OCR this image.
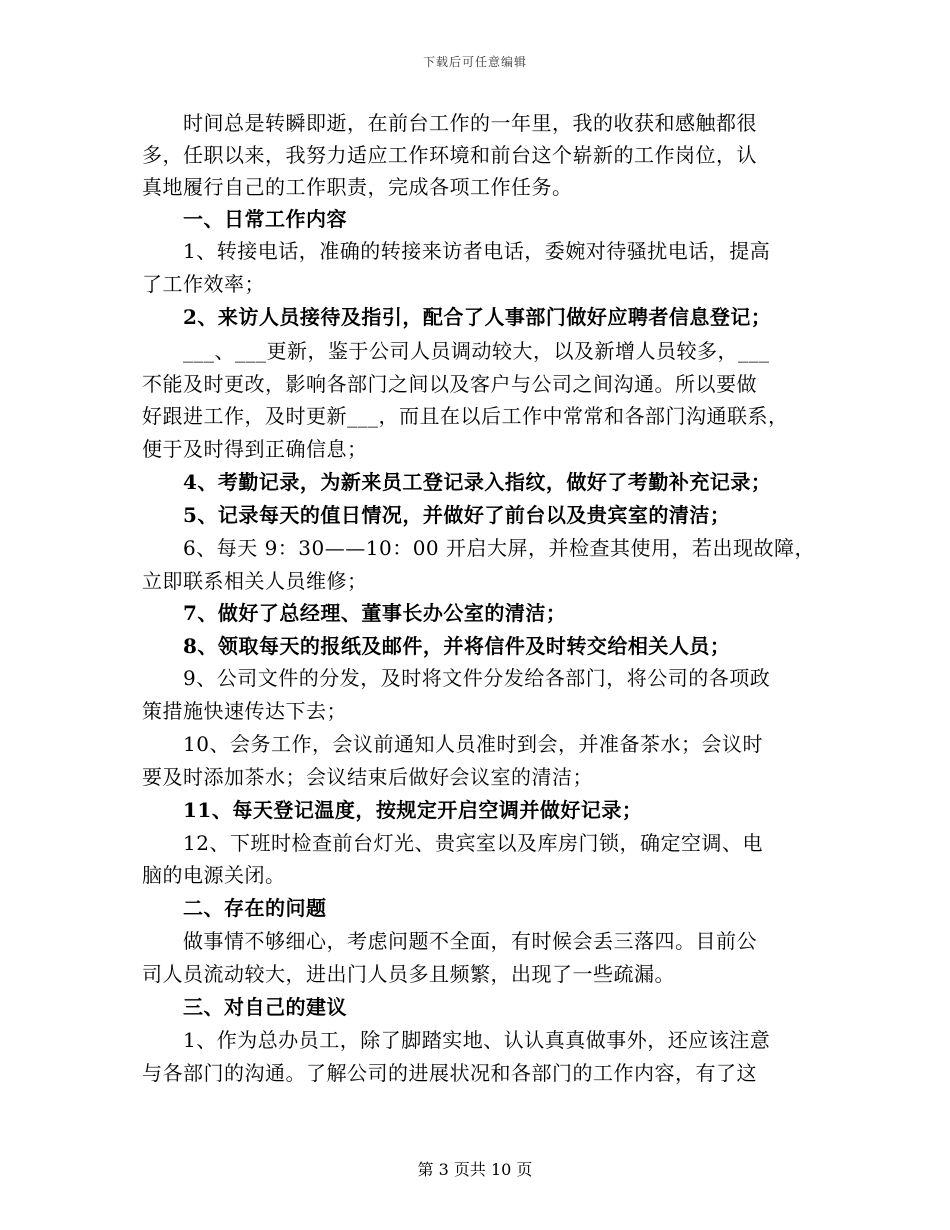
下载后可任意编辑
　　时间总是转瞬即逝，在前台工作的一年里，我的收获和感触都很
多，任职以来，我努力适应工作环境和前台这个崭新的工作岗位，认
真地履行自己的工作职责，完成各项工作任务。
　　一、日常工作内容
　　1、转接电话，准确的转接来访者电话，委婉对待骚扰电话，提高
了工作效率；
　　2、来访人员接待及指引，配合了人事部门做好应聘者信息登记；
　　___、___更新，鉴于公司人员调动较大，以及新增人员较多，___
不能及时更改，影响各部门之间以及客户与公司之间沟通。所以要做
好跟进工作，及时更新___，而且在以后工作中常常和各部门沟通联系，
便于及时得到正确信息；
　　4、考勤记录，为新来员工登记录入指纹，做好了考勤补充记录；
　　5、记录每天的值日情况，并做好了前台以及贵宾室的清洁；
　　6、每天 9：30——10：00 开启大屏，并检查其使用，若出现故障，
立即联系相关人员维修；
　　7、做好了总经理、董事长办公室的清洁；
　　8、领取每天的报纸及邮件，并将信件及时转交给相关人员；
　　9、公司文件的分发，及时将文件分发给各部门，将公司的各项政
策措施快速传达下去；
　　10、会务工作，会议前通知人员准时到会，并准备茶水；会议时
要及时添加茶水；会议结束后做好会议室的清洁；
　　11、每天登记温度，按规定开启空调并做好记录；
　　12、下班时检查前台灯光、贵宾室以及库房门锁，确定空调、电
脑的电源关闭。
　　二、存在的问题
　　做事情不够细心，考虑问题不全面，有时候会丢三落四。目前公
司人员流动较大，进出门人员多且频繁，出现了一些疏漏。
　　三、对自己的建议
　　1、作为总办员工，除了脚踏实地、认认真真做事外，还应该注意
与各部门的沟通。了解公司的进展状况和各部门的工作内容，有了这
第 3 页共 10 页
